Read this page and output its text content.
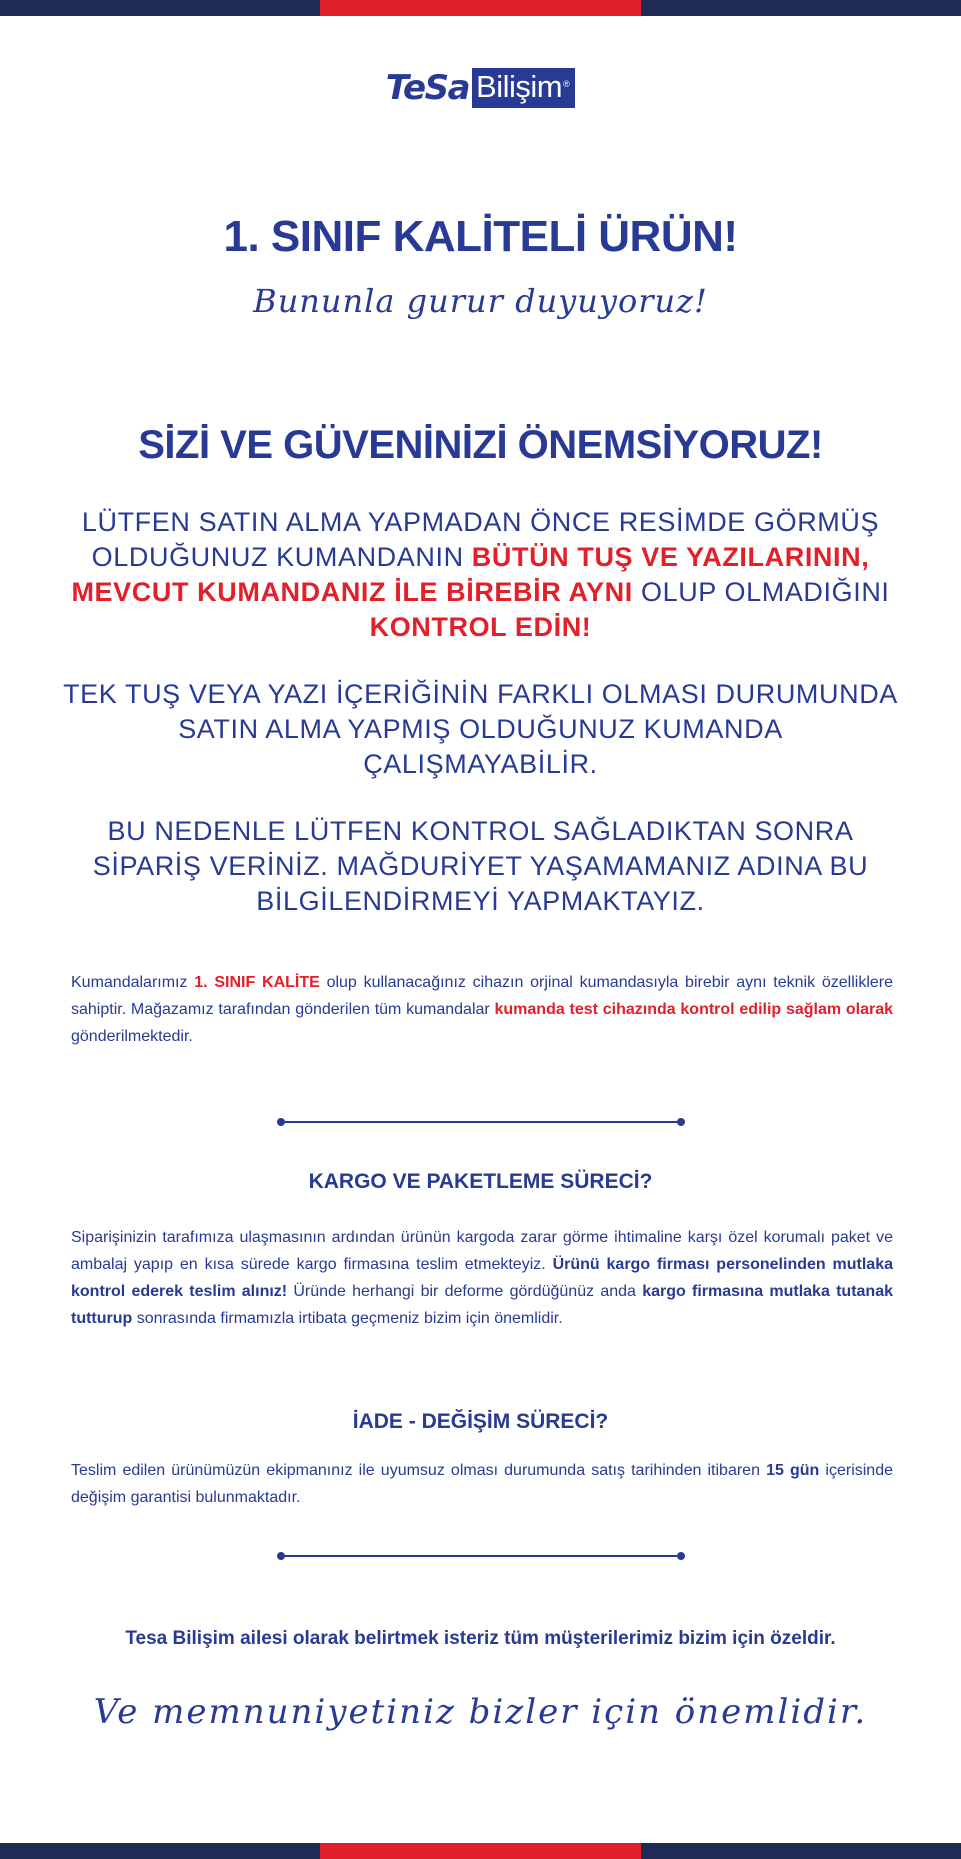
TeSa Bilişim®
1. SINIF KALİTELİ ÜRÜN!
Bununla gurur duyuyoruz!
SİZİ VE GÜVENİNİZİ ÖNEMSİYORUZ!
LÜTFEN SATIN ALMA YAPMADAN ÖNCE RESİMDE GÖRMÜŞ OLDUĞUNUZ KUMANDANIN BÜTÜN TUŞ VE YAZILARININ, MEVCUT KUMANDANIZ İLE BİREBİR AYNI OLUP OLMADIĞINI KONTROL EDİN!
TEK TUŞ VEYA YAZI İÇERİĞİNİN FARKLI OLMASI DURUMUNDA SATIN ALMA YAPMIŞ OLDUĞUNUZ KUMANDA ÇALIŞMAYABİLİR.
BU NEDENLE LÜTFEN KONTROL SAĞLADIKTAN SONRA SİPARİŞ VERİNİZ. MAĞDURİYET YAŞAMAMANIZ ADINA BU BİLGİLENDİRMEYİ YAPMAKTAYIZ.
Kumandalarımız 1. SINIF KALİTE olup kullanacağınız cihazın orjinal kumandasıyla birebir aynı teknik özelliklere sahiptir. Mağazamız tarafından gönderilen tüm kumandalar kumanda test cihazında kontrol edilip sağlam olarak gönderilmektedir.
KARGO VE PAKETLEME SÜRECİ?
Siparişinizin tarafımıza ulaşmasının ardından ürünün kargoda zarar görme ihtimaline karşı özel korumalı paket ve ambalaj yapıp en kısa sürede kargo firmasına teslim etmekteyiz. Ürünü kargo firması personelinden mutlaka kontrol ederek teslim alınız! Üründe herhangi bir deforme gördüğünüz anda kargo firmasına mutlaka tutanak tutturup sonrasında firmamızla irtibata geçmeniz bizim için önemlidir.
İADE - DEĞİŞİM SÜRECİ?
Teslim edilen ürünümüzün ekipmanınız ile uyumsuz olması durumunda satış tarihinden itibaren 15 gün içerisinde değişim garantisi bulunmaktadır.
Tesa Bilişim ailesi olarak belirtmek isteriz tüm müşterilerimiz bizim için özeldir.
Ve memnuniyetiniz bizler için önemlidir.
